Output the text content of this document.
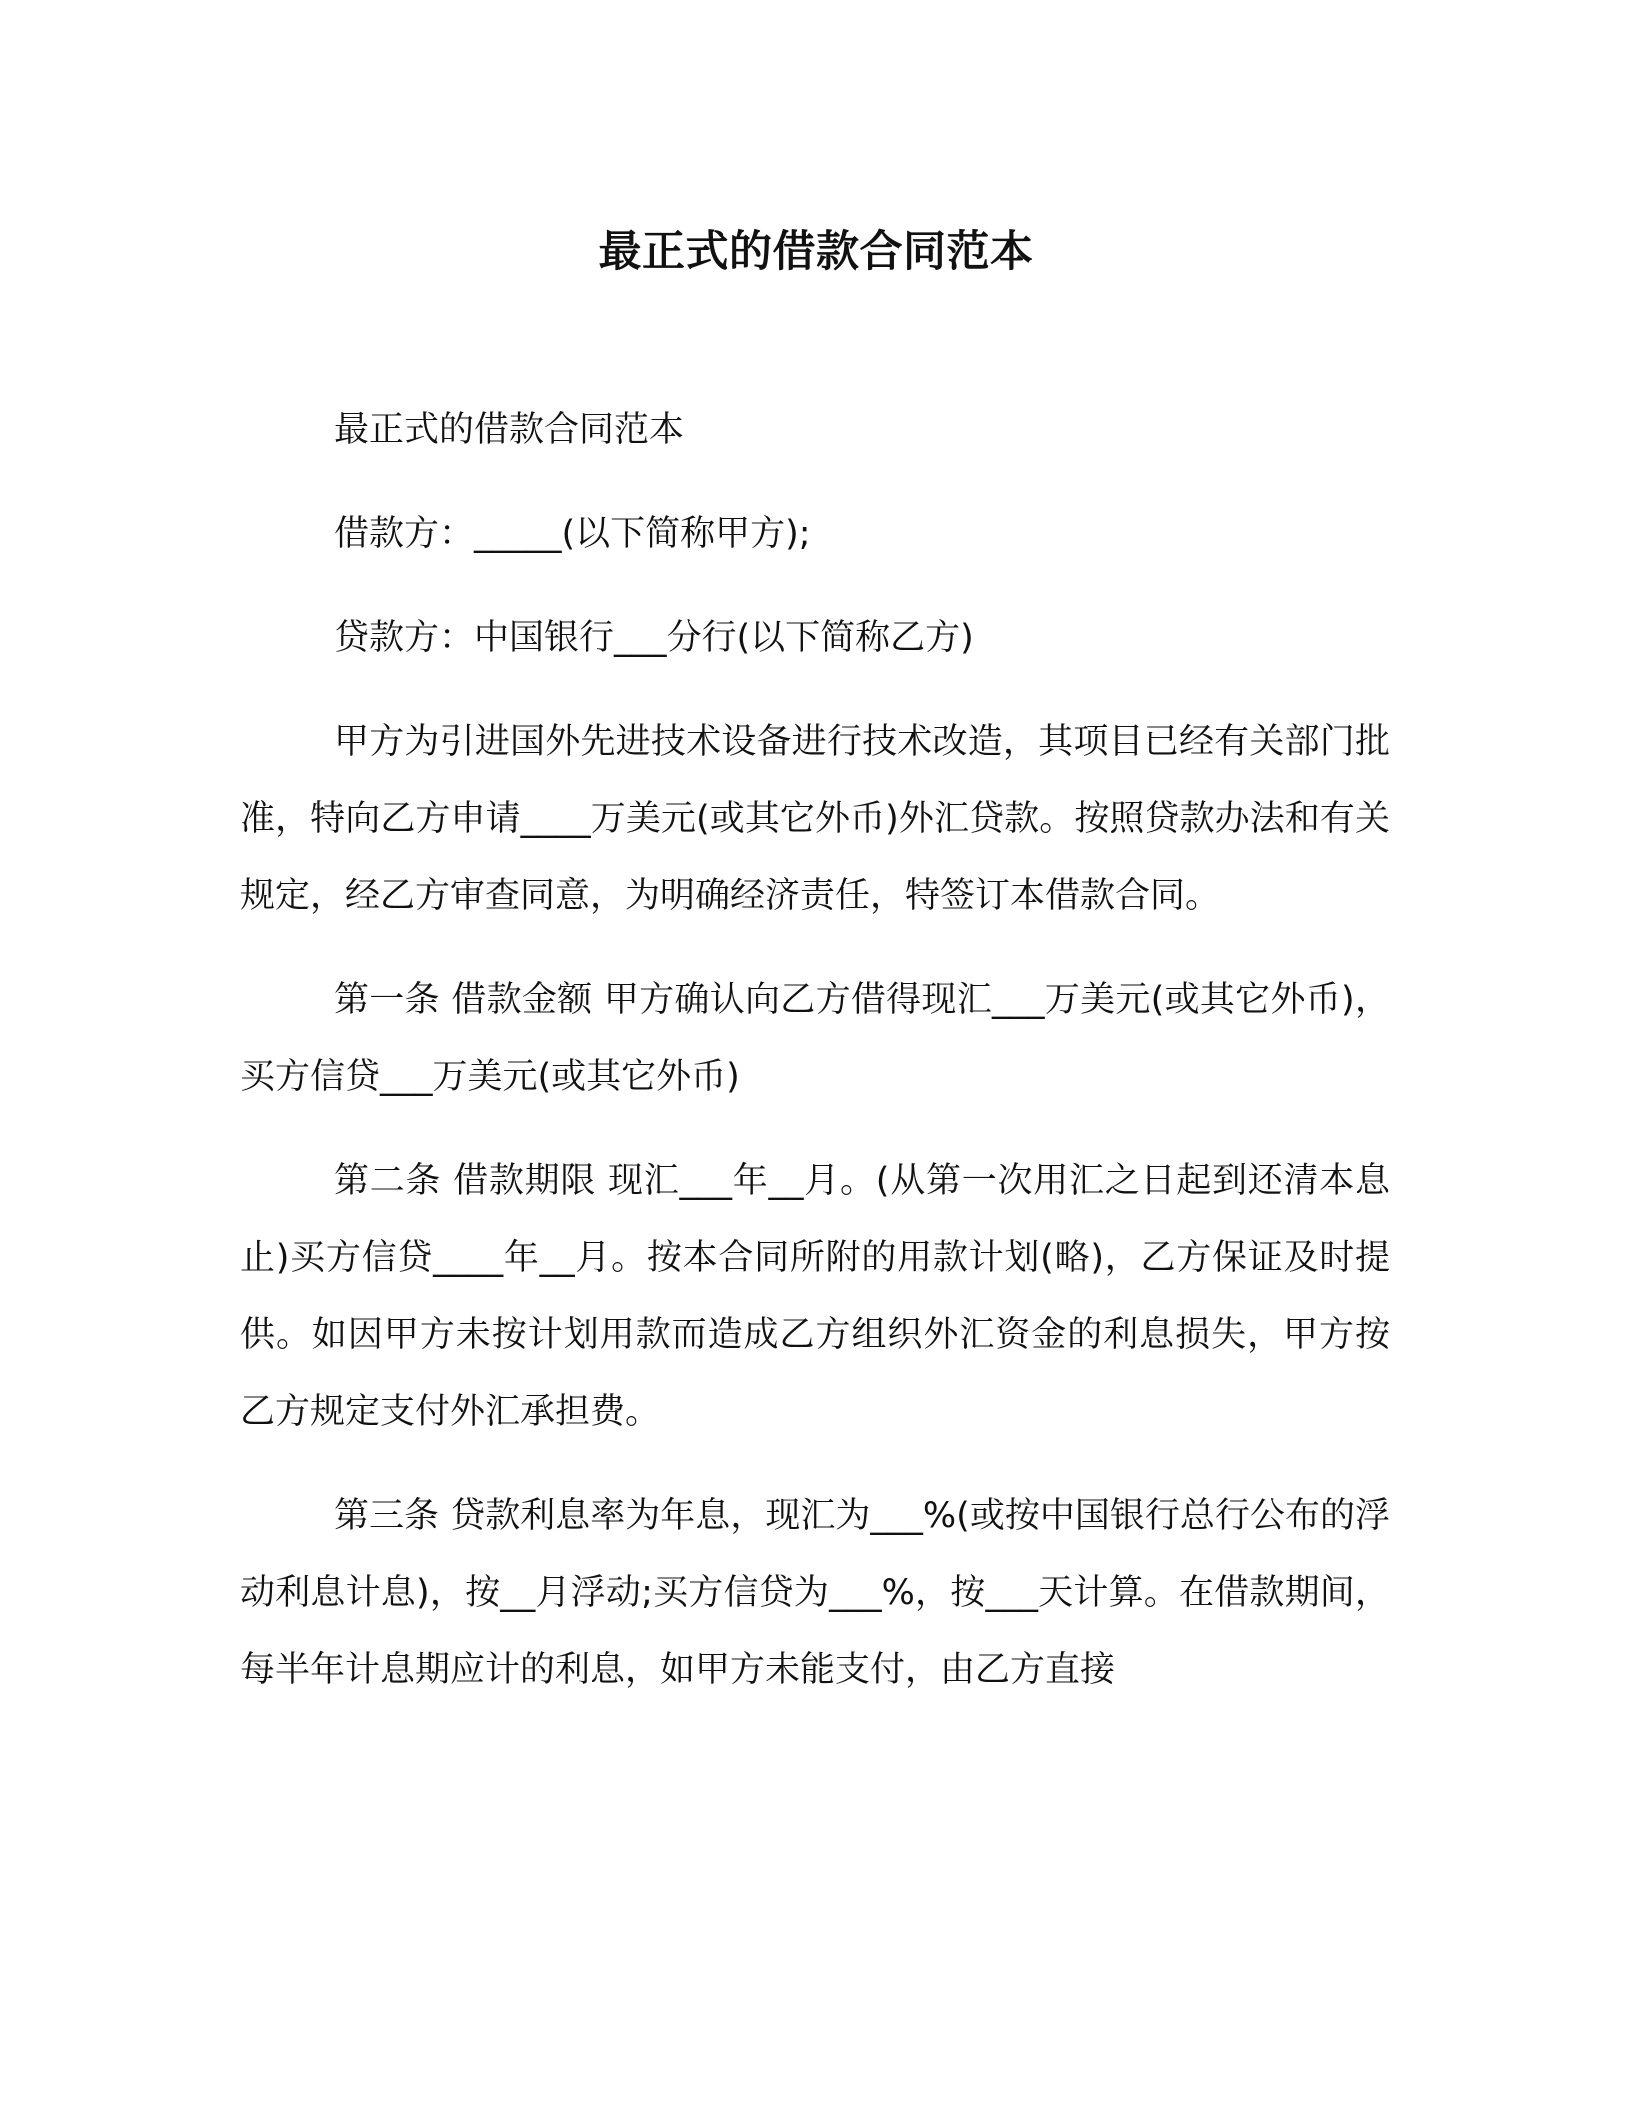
最正式的借款合同范本

最正式的借款合同范本

借款方：_____(以下简称甲方);

贷款方：中国银行___分行(以下简称乙方)

甲方为引进国外先进技术设备进行技术改造，其项目已经有关部门批准，特向乙方申请____万美元(或其它外币)外汇贷款。按照贷款办法和有关规定，经乙方审查同意，为明确经济责任，特签订本借款合同。

第一条 借款金额 甲方确认向乙方借得现汇___万美元(或其它外币)，买方信贷___万美元(或其它外币)

第二条 借款期限 现汇___年__月。(从第一次用汇之日起到还清本息止)买方信贷____年__月。按本合同所附的用款计划(略)，乙方保证及时提供。如因甲方未按计划用款而造成乙方组织外汇资金的利息损失，甲方按乙方规定支付外汇承担费。

第三条 贷款利息率为年息，现汇为___%(或按中国银行总行公布的浮动利息计息)，按__月浮动;买方信贷为___%，按___天计算。在借款期间，每半年计息期应计的利息，如甲方未能支付，由乙方直接
